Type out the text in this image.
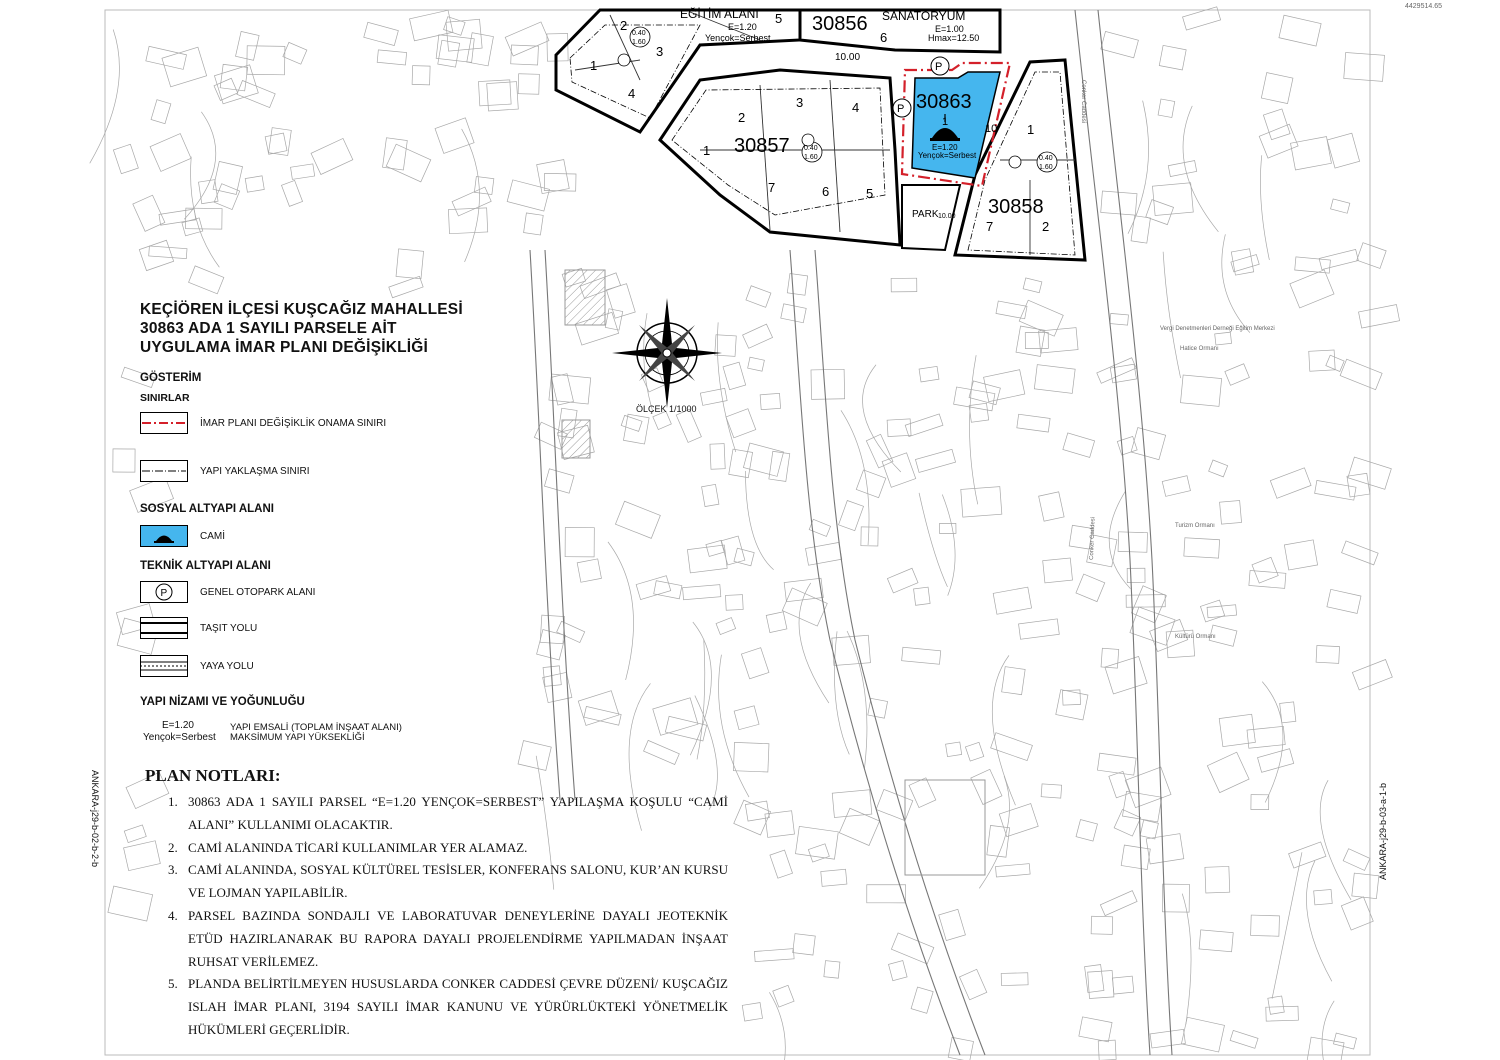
30856
30857
30858
30863
EĞİTİM ALANI
E=1.20
Yençok=Serbest
SANATORYUM
E=1.00
Hmax=12.50
PARK
E=1.20
Yençok=Serbest
2
3
1
4
5
6
2
3	4
1
7	6	5
1
2
7
1
0.40
1.60
0.40
1.60	0.40
1.60
10.00
10
10.00
P
P	Conker Caddesi
Conker Caddesi
Vergi Denetmenleri Derneği Eğitim Merkezi
Hatice Ormanı
Turizm Ormanı
Kültürü Ormanı
4429514.65
KEÇİÖREN İLÇESİ KUŞCAĞIZ MAHALLESİ
30863 ADA 1 SAYILI PARSELE AİT
UYGULAMA İMAR PLANI DEĞİŞİKLİĞİ
ÖLÇEK 1/1000
GÖSTERİM
SINIRLAR
İMAR PLANI DEĞİŞİKLİK ONAMA SINIRI
YAPI YAKLAŞMA SINIRI
SOSYAL ALTYAPI ALANI
CAMİ
TEKNİK ALTYAPI ALANI
P	GENEL OTOPARK ALANI
TAŞIT YOLU
YAYA YOLU
YAPI NİZAMI VE YOĞUNLUĞU
E=1.20	YAPI EMSALİ (TOPLAM İNŞAAT ALANI)
Yençok=Serbest MAKSİMUM YAPI YÜKSEKLİĞİ
PLAN NOTLARI:
1. 30863 ADA 1 SAYILI PARSEL “E=1.20 YENÇOK=SERBEST” YAPILAŞMA KOŞULU “CAMİ ALANI” KULLANIMI OLACAKTIR.
2. CAMİ ALANINDA TİCARİ KULLANIMLAR YER ALAMAZ.
3. CAMİ ALANINDA, SOSYAL KÜLTÜREL TESİSLER, KONFERANS SALONU, KUR’AN KURSU VE LOJMAN YAPILABİLİR.
4. PARSEL BAZINDA SONDAJLI VE LABORATUVAR DENEYLERİNE DAYALI JEOTEKNİK ETÜD HAZIRLANARAK BU RAPORA DAYALI PROJELENDİRME YAPILMADAN İNŞAAT RUHSAT VERİLEMEZ.
5. PLANDA BELİRTİLMEYEN HUSUSLARDA CONKER CADDESİ ÇEVRE DÜZENİ/ KUŞCAĞIZ ISLAH İMAR PLANI, 3194 SAYILI İMAR KANUNU VE YÜRÜRLÜKTEKİ YÖNETMELİK HÜKÜMLERİ GEÇERLİDİR.
ANKARA-j29-b-02-b-2-b	ANKARA-j29-b-03-a-1-b
